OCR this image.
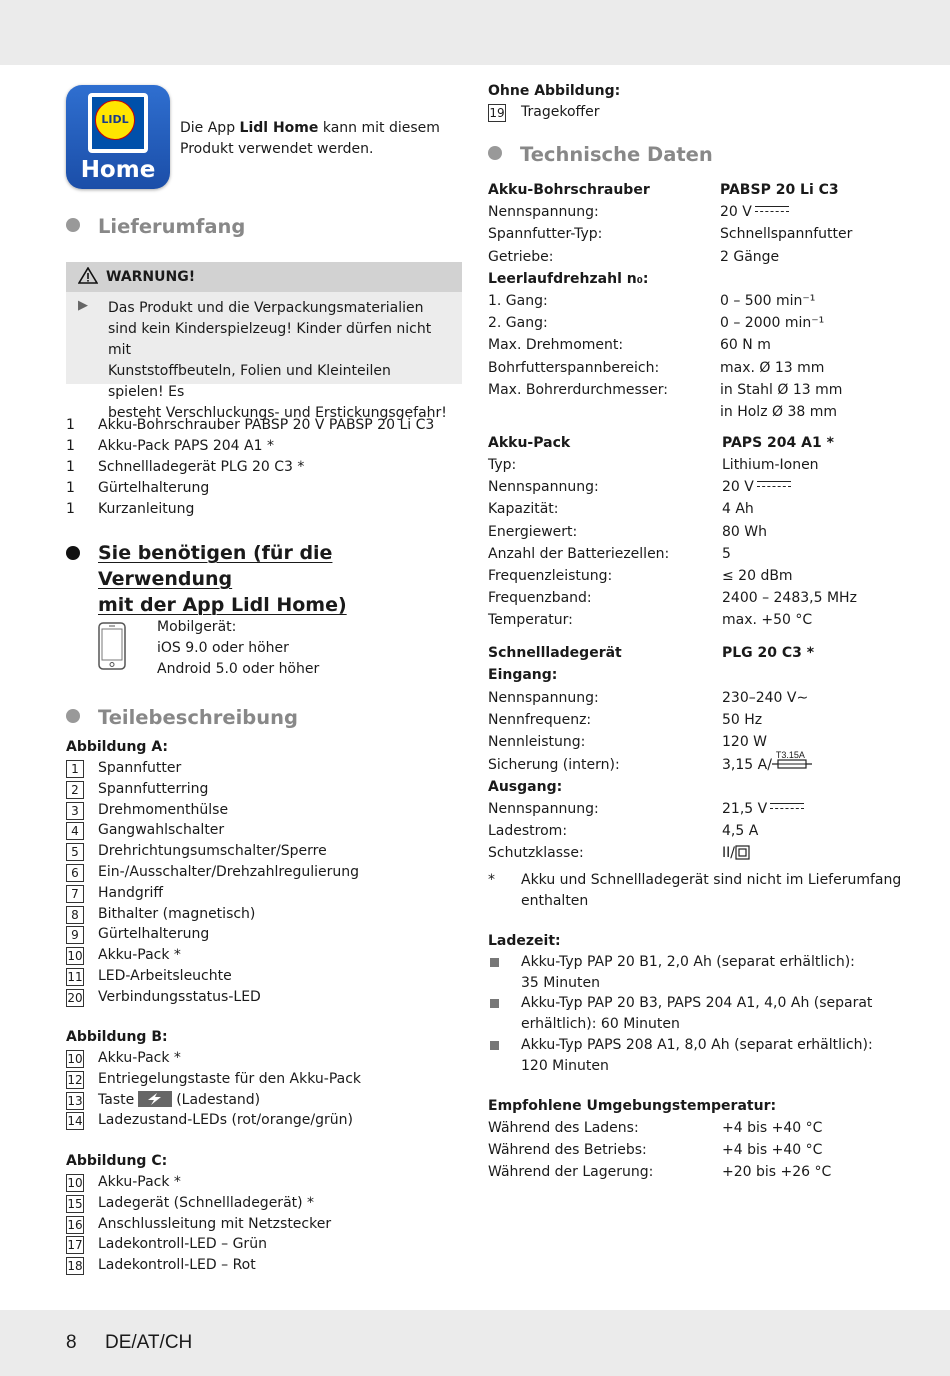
LIDL
Home
Die App Lidl Home kann mit diesem
Produkt verwendet werden.
Lieferumfang
WARNUNG!
▶ Das Produkt und die Verpackungsmaterialien
sind kein Kinderspielzeug! Kinder dürfen nicht mit
Kunststoffbeuteln, Folien und Kleinteilen spielen! Es
besteht Verschluckungs- und Erstickungsgefahr!
1 Akku-Bohrschrauber PABSP 20 V PABSP 20 Li C3
1 Akku-Pack PAPS 204 A1 *
1 Schnellladegerät PLG 20 C3 *
1 Gürtelhalterung
1 Kurzanleitung
Sie benötigen (für die Verwendung
mit der App Lidl Home)
Mobilgerät:
iOS 9.0 oder höher
Android 5.0 oder höher
Teilebeschreibung
Abbildung A:
1	Spannfutter
2	Spannfutterring
3	Drehmomenthülse
4	Gangwahlschalter
5	Drehrichtungsumschalter/Sperre
6	Ein-/Ausschalter/Drehzahlregulierung
7	Handgriff
8	Bithalter (magnetisch)
9	Gürtelhalterung
10 Akku-Pack *
11 LED-Arbeitsleuchte
20 Verbindungsstatus-LED
Abbildung B:
10 Akku-Pack *
12 Entriegelungstaste für den Akku-Pack
13 Taste	(Ladestand)
14 Ladezustand-LEDs (rot/orange/grün)
Abbildung C:
10 Akku-Pack *
15 Ladegerät (Schnellladegerät) *
16 Anschlussleitung mit Netzstecker
17 Ladekontroll-LED – Grün
18 Ladekontroll-LED – Rot
Ohne Abbildung:
19 Tragekoffer
Technische Daten
Akku-Bohrschrauber	PABSP 20 Li C3
Nennspannung:	20 V
Spannfutter-Typ:	Schnellspannfutter
Getriebe:	2 Gänge
Leerlaufdrehzahl n₀:
1. Gang:	0 – 500 min⁻¹
2. Gang:	0 – 2000 min⁻¹
Max. Drehmoment:	60 N m
Bohrfutterspannbereich:	max. Ø 13 mm
Max. Bohrerdurchmesser:	in Stahl Ø 13 mm
in Holz Ø 38 mm
Akku-Pack	PAPS 204 A1 *
Typ:	Lithium-Ionen
Nennspannung:	20 V
Kapazität:	4 Ah
Energiewert:	80 Wh
Anzahl der Batteriezellen:	5
Frequenzleistung:	≤ 20 dBm
Frequenzband:	2400 – 2483,5 MHz
Temperatur:	max. +50 °C
Schnellladegerät	PLG 20 C3 *
Eingang:
Nennspannung:	230–240 V∼
Nennfrequenz:	50 Hz
Nennleistung:	120 W
Sicherung (intern):	3,15 A/
T3.15A
Ausgang:
Nennspannung:	21,5 V
Ladestrom:	4,5 A
Schutzklasse:	II/
* Akku und Schnellladegerät sind nicht im Lieferumfang
enthalten
Ladezeit:
Akku-Typ PAP 20 B1, 2,0 Ah (separat erhältlich):
35 Minuten
Akku-Typ PAP 20 B3, PAPS 204 A1, 4,0 Ah (separat
erhältlich): 60 Minuten
Akku-Typ PAPS 208 A1, 8,0 Ah (separat erhältlich):
120 Minuten
Empfohlene Umgebungstemperatur:
Während des Ladens:	+4 bis +40 °C
Während des Betriebs:	+4 bis +40 °C
Während der Lagerung:	+20 bis +26 °C
8 DE/AT/CH
